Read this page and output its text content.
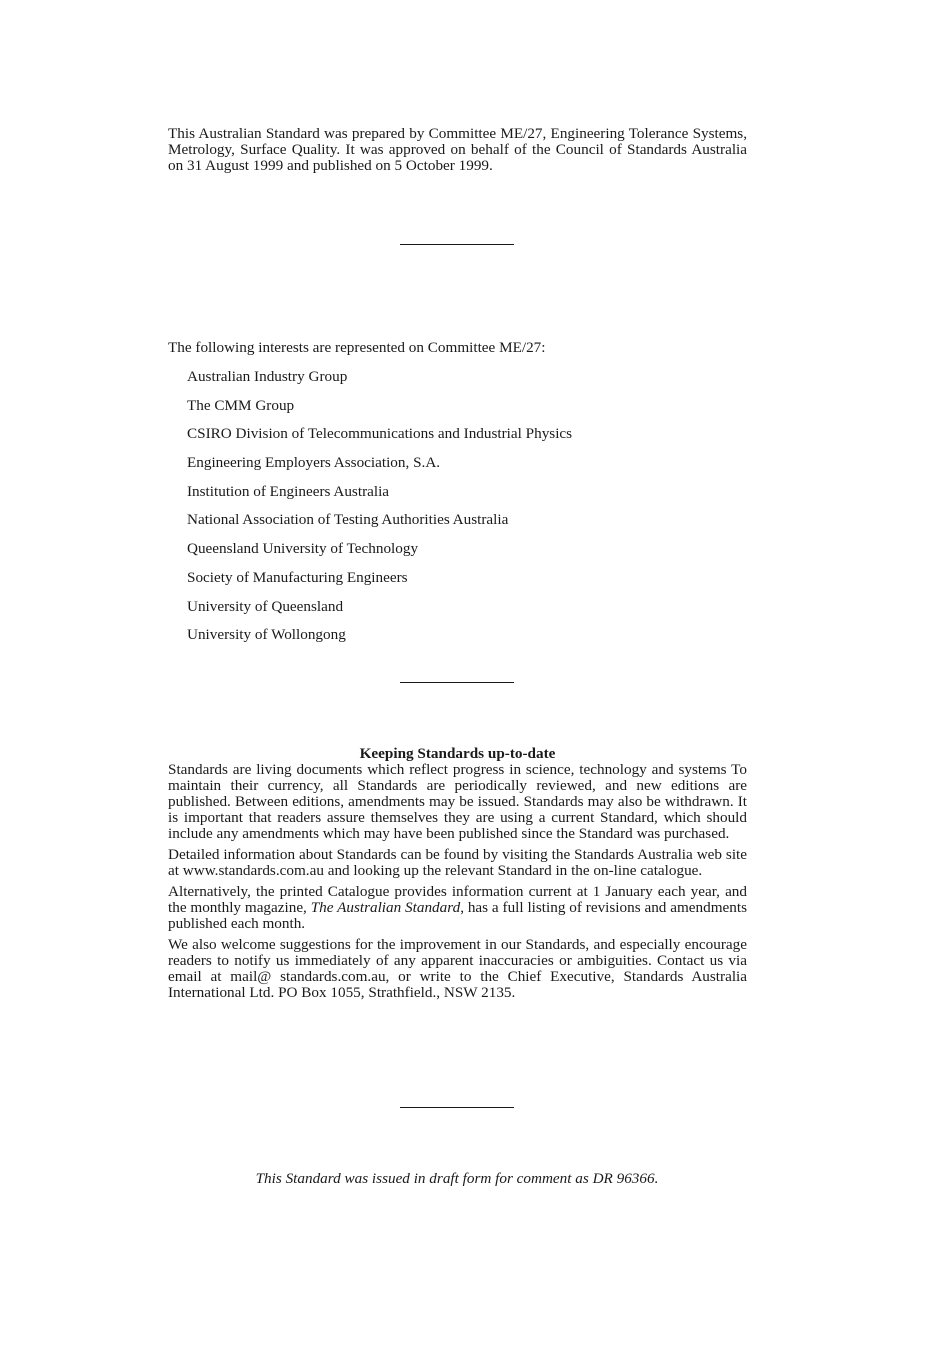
This Australian Standard was prepared by Committee ME/27, Engineering Tolerance Systems, Metrology, Surface Quality. It was approved on behalf of the Council of Standards Australia on 31 August 1999 and published on 5 October 1999.

The following interests are represented on Committee ME/27:
Australian Industry Group
The CMM Group
CSIRO Division of Telecommunications and Industrial Physics
Engineering Employers Association, S.A.
Institution of Engineers Australia
National Association of Testing Authorities Australia
Queensland University of Technology
Society of Manufacturing Engineers
University of Queensland
University of Wollongong
Keeping Standards up-to-date

Standards are living documents which reflect progress in science, technology and systems To maintain their currency, all Standards are periodically reviewed, and new editions are published. Between editions, amendments may be issued. Standards may also be withdrawn. It is important that readers assure themselves they are using a current Standard, which should include any amendments which may have been published since the Standard was purchased.

Detailed information about Standards can be found by visiting the Standards Australia web site at www.standards.com.au and looking up the relevant Standard in the on-line catalogue.

Alternatively, the printed Catalogue provides information current at 1 January each year, and the monthly magazine, The Australian Standard, has a full listing of revisions and amendments published each month.

We also welcome suggestions for the improvement in our Standards, and especially encourage readers to notify us immediately of any apparent inaccuracies or ambiguities. Contact us via email at mail@ standards.com.au, or write to the Chief Executive, Standards Australia International Ltd. PO Box 1055, Strathfield., NSW 2135.

This Standard was issued in draft form for comment as DR 96366.
